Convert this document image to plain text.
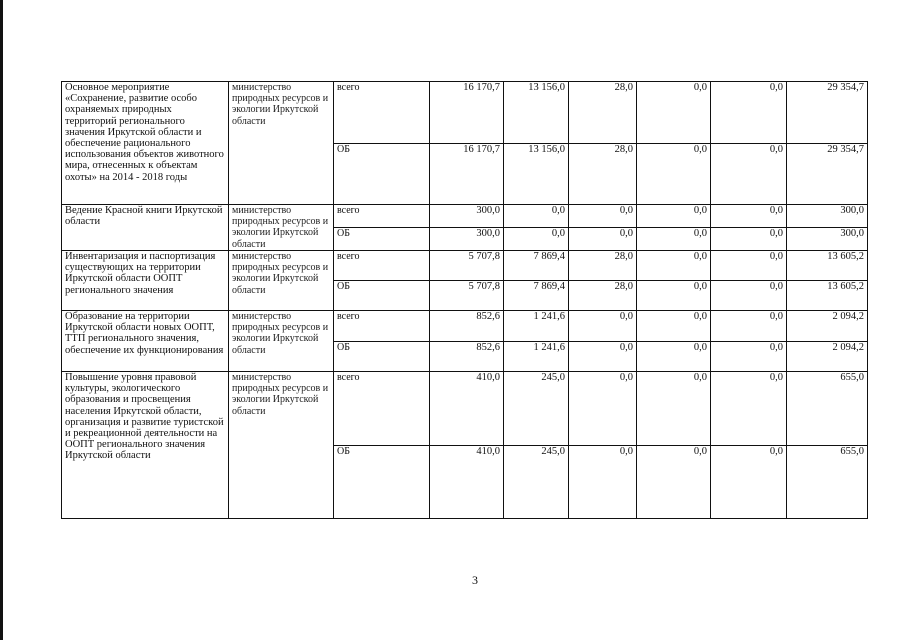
Основное мероприятие «Сохранение, развитие особо охраняемых природных территорий регионального значения Иркутской области и обеспечение рационального использования объектов животного мира, отнесенных к объектам охоты» на 2014 - 2018 годы	министерство природных ресурсов и экологии Иркутской области	всего	16 170,7	13 156,0	28,0	0,0	0,0	29 354,7
		ОБ	16 170,7	13 156,0	28,0	0,0	0,0	29 354,7
Ведение Красной книги Иркутской области	министерство природных ресурсов и экологии Иркутской области	всего	300,0	0,0	0,0	0,0	0,0	300,0
		ОБ	300,0	0,0	0,0	0,0	0,0	300,0
Инвентаризация и паспортизация существующих на территории Иркутской области ООПТ регионального значения	министерство природных ресурсов и экологии Иркутской области	всего	5 707,8	7 869,4	28,0	0,0	0,0	13 605,2
		ОБ	5 707,8	7 869,4	28,0	0,0	0,0	13 605,2
Образование на территории Иркутской области новых ООПТ, ТТП регионального значения, обеспечение их функционирования	министерство природных ресурсов и экологии Иркутской области	всего	852,6	1 241,6	0,0	0,0	0,0	2 094,2
		ОБ	852,6	1 241,6	0,0	0,0	0,0	2 094,2
Повышение уровня правовой культуры, экологического образования и просвещения населения Иркутской области, организация и развитие туристской и рекреационной деятельности на ООПТ регионального значения Иркутской области	министерство природных ресурсов и экологии Иркутской области	всего	410,0	245,0	0,0	0,0	0,0	655,0
		ОБ	410,0	245,0	0,0	0,0	0,0	655,0
3
